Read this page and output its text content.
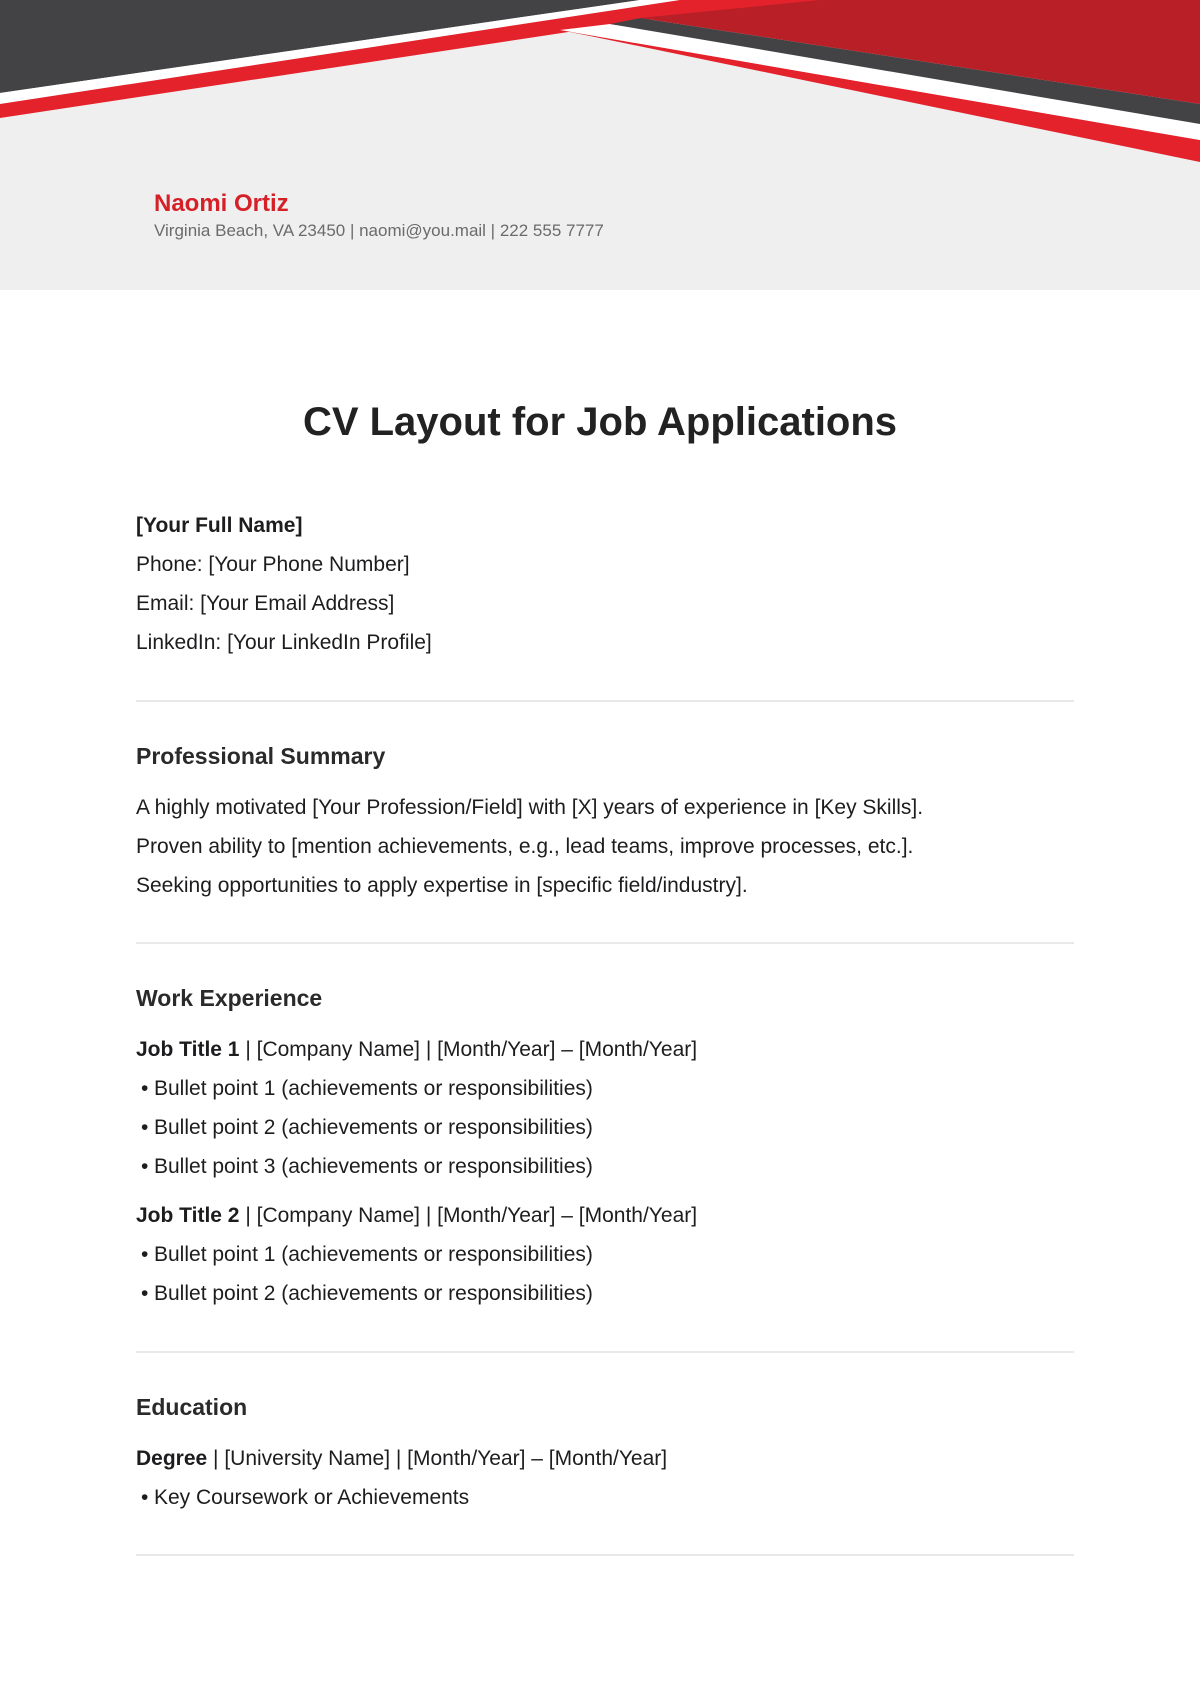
Naomi Ortiz

Virginia Beach, VA 23450 | naomi@you.mail | 222 555 7777

CV Layout for Job Applications

[Your Full Name]

Phone: [Your Phone Number]

Email: [Your Email Address]

LinkedIn: [Your LinkedIn Profile]

Professional Summary

A highly motivated [Your Profession/Field] with [X] years of experience in [Key Skills].

Proven ability to [mention achievements, e.g., lead teams, improve processes, etc.].

Seeking opportunities to apply expertise in [specific field/industry].

Work Experience

Job Title 1 | [Company Name] | [Month/Year] – [Month/Year]

• Bullet point 1 (achievements or responsibilities)

• Bullet point 2 (achievements or responsibilities)

• Bullet point 3 (achievements or responsibilities)

Job Title 2 | [Company Name] | [Month/Year] – [Month/Year]

• Bullet point 1 (achievements or responsibilities)

• Bullet point 2 (achievements or responsibilities)

Education

Degree | [University Name] | [Month/Year] – [Month/Year]

• Key Coursework or Achievements
